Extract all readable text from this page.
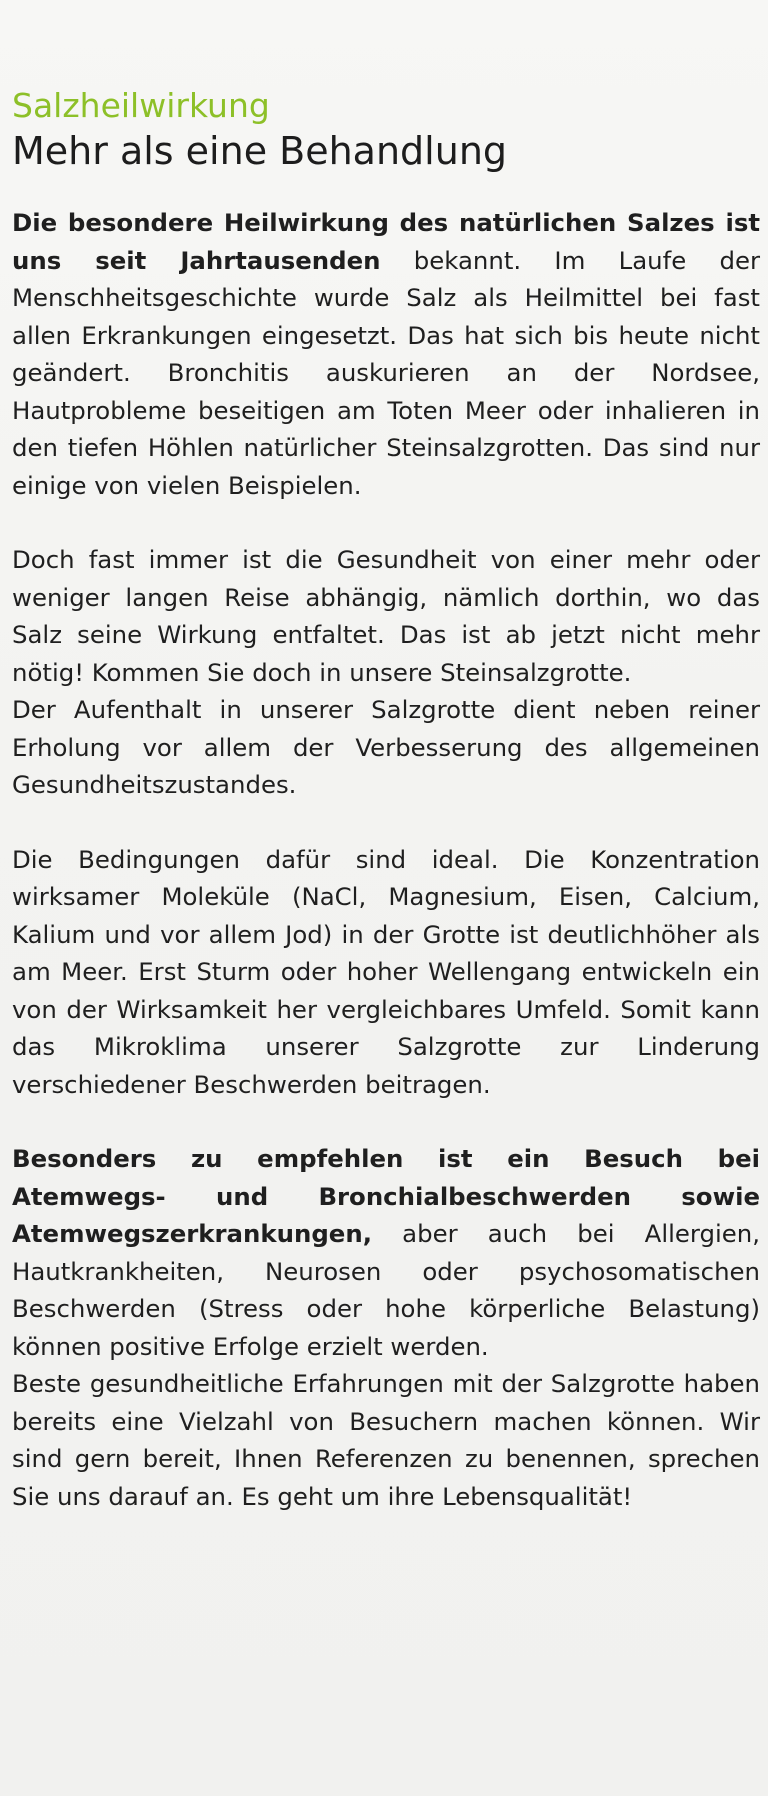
Salzheilwirkung
Mehr als eine Behandlung

Die besondere Heilwirkung des natürlichen Salzes ist uns seit Jahrtausenden bekannt. Im Laufe der Menschheitsgeschichte wurde Salz als Heilmittel bei fast allen Erkrankungen eingesetzt. Das hat sich bis heute nicht geändert. Bronchitis auskurieren an der Nordsee, Hautprobleme beseitigen am Toten Meer oder inhalieren in den tiefen Höhlen natürlicher Steinsalzgrotten. Das sind nur einige von vielen Beispielen.

Doch fast immer ist die Gesundheit von einer mehr oder weniger langen Reise abhängig, nämlich dorthin, wo das Salz seine Wirkung entfaltet. Das ist ab jetzt nicht mehr nötig! Kommen Sie doch in unsere Steinsalzgrotte.

Der Aufenthalt in unserer Salzgrotte dient neben reiner Erholung vor allem der Verbesserung des allgemeinen Gesundheitszustandes.

Die Bedingungen dafür sind ideal. Die Konzentration wirksamer Moleküle (NaCl, Magnesium, Eisen, Calcium, Kalium und vor allem Jod) in der Grotte ist deutlichhöher als am Meer. Erst Sturm oder hoher Wellengang entwickeln ein von der Wirksamkeit her vergleichbares Umfeld. Somit kann das Mikroklima unserer Salzgrotte zur Linderung verschiedener Beschwerden beitragen.

Besonders zu empfehlen ist ein Besuch bei Atemwegs- und Bronchialbeschwerden sowie Atemwegszerkrankungen, aber auch bei Allergien, Hautkrankheiten, Neurosen oder psychosomatischen Beschwerden (Stress oder hohe körperliche Belastung) können positive Erfolge erzielt werden.

Beste gesundheitliche Erfahrungen mit der Salzgrotte haben bereits eine Vielzahl von Besuchern machen können. Wir sind gern bereit, Ihnen Referenzen zu benennen, sprechen Sie uns darauf an. Es geht um ihre Lebensqualität!
